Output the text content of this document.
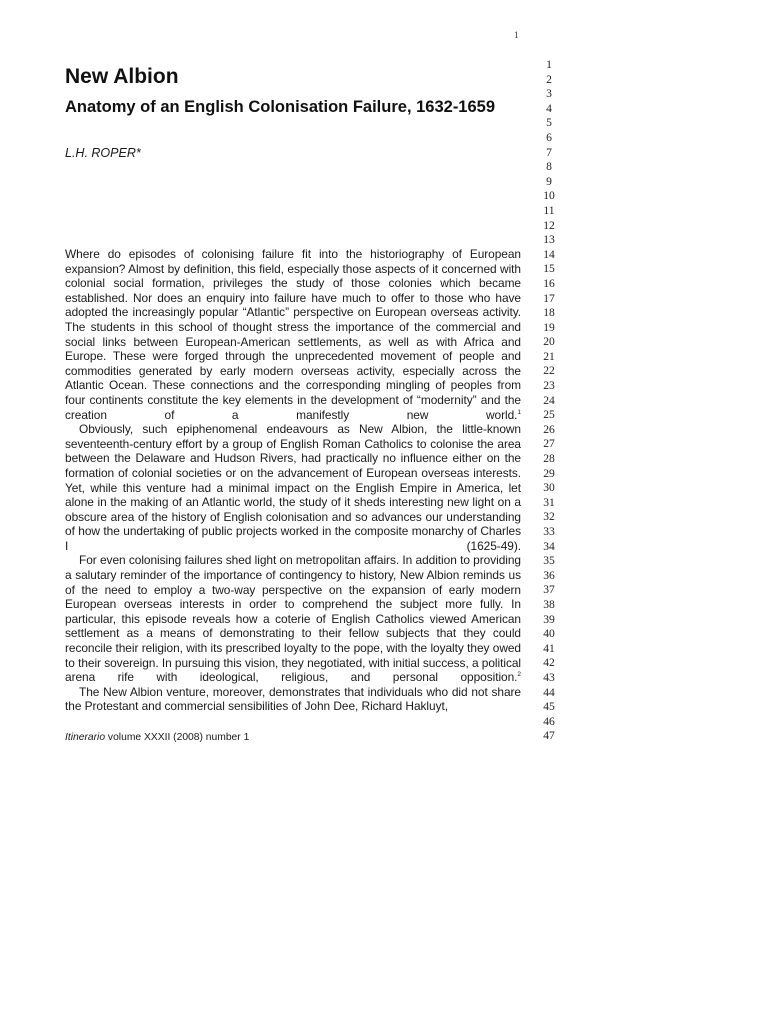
1
New Albion
Anatomy of an English Colonisation Failure, 1632-1659
L.H. ROPER*

Where do episodes of colonising failure fit into the historiography of European expansion? Almost by definition, this field, especially those aspects of it concerned with colonial social formation, privileges the study of those colonies which became established. Nor does an enquiry into failure have much to offer to those who have adopted the increasingly popular “Atlantic” perspective on European overseas activity. The students in this school of thought stress the importance of the commercial and social links between European-American settlements, as well as with Africa and Europe. These were forged through the unprecedented movement of people and commodities generated by early modern overseas activity, especially across the Atlantic Ocean. These connections and the corresponding mingling of peoples from four continents constitute the key elements in the development of “modernity” and the creation of a manifestly new world.$^1$

Obviously, such epiphenomenal endeavours as New Albion, the little-known seventeenth-century effort by a group of English Roman Catholics to colonise the area between the Delaware and Hudson Rivers, had practically no influence either on the formation of colonial societies or on the advancement of European overseas interests. Yet, while this venture had a minimal impact on the English Empire in America, let alone in the making of an Atlantic world, the study of it sheds interesting new light on a obscure area of the history of English colonisation and so advances our understanding of how the undertaking of public projects worked in the composite monarchy of Charles I (1625-49).

For even colonising failures shed light on metropolitan affairs. In addition to providing a salutary reminder of the importance of contingency to history, New Albion reminds us of the need to employ a two-way perspective on the expansion of early modern European overseas interests in order to comprehend the subject more fully. In particular, this episode reveals how a coterie of English Catholics viewed American settlement as a means of demonstrating to their fellow subjects that they could reconcile their religion, with its prescribed loyalty to the pope, with the loyalty they owed to their sovereign. In pursuing this vision, they negotiated, with initial success, a political arena rife with ideological, religious, and personal opposition.$^2$

The New Albion venture, moreover, demonstrates that individuals who did not share the Protestant and commercial sensibilities of John Dee, Richard Hakluyt,

Itinerario volume XXXII (2008) number 1
1
2
3
4
5
6
7
8
9
10
11
12
13
14
15
16
17
18
19
20
21
22
23
24
25
26
27
28
29
30
31
32
33
34
35
36
37
38
39
40
41
42
43
44
45
46
47
